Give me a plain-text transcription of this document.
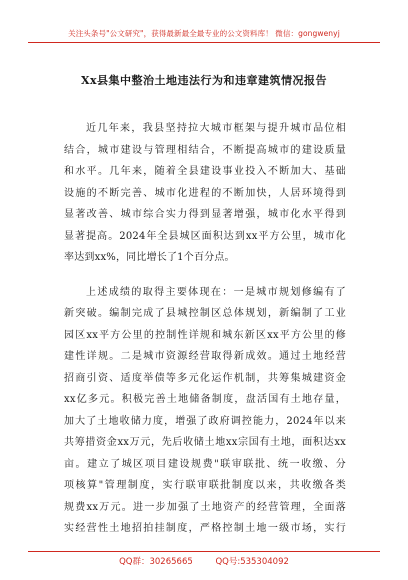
关注头条号"公文研究"，获得最新最全最专业的公文资料库！ 微信：gongwenyj
Xx县集中整治土地违法行为和违章建筑情况报告
近几年来，我县坚持拉大城市框架与提升城市品位相
结合，城市建设与管理相结合，不断提高城市的建设质量
和水平。几年来，随着全县建设事业投入不断加大、基础
设施的不断完善、城市化进程的不断加快，人居环境得到
显著改善、城市综合实力得到显著增强，城市化水平得到
显著提高。2024年全县城区面积达到xx平方公里，城市化
率达到xx%，同比增长了1个百分点。
上述成绩的取得主要体现在：一是城市规划修编有了
新突破。编制完成了县城控制区总体规划，新编制了工业
园区xx平方公里的控制性详规和城东新区xx平方公里的修
建性详规。二是城市资源经营取得新成效。通过土地经营
招商引资、适度举债等多元化运作机制，共筹集城建资金
xx亿多元。积极完善土地储备制度，盘活国有土地存量，
加大了土地收储力度，增强了政府调控能力，2024年以来
共筹措资金xx万元，先后收储土地xx宗国有土地，面积达xx
亩。建立了城区项目建设规费"联审联批、统一收缴、分
项核算"管理制度，实行联审联批制度以来，共收缴各类
规费xx万元。进一步加强了土地资产的经营管理，全面落
实经营性土地招拍挂制度，严格控制土地一级市场，实行
QQ群：30265665	QQ号:535304092
